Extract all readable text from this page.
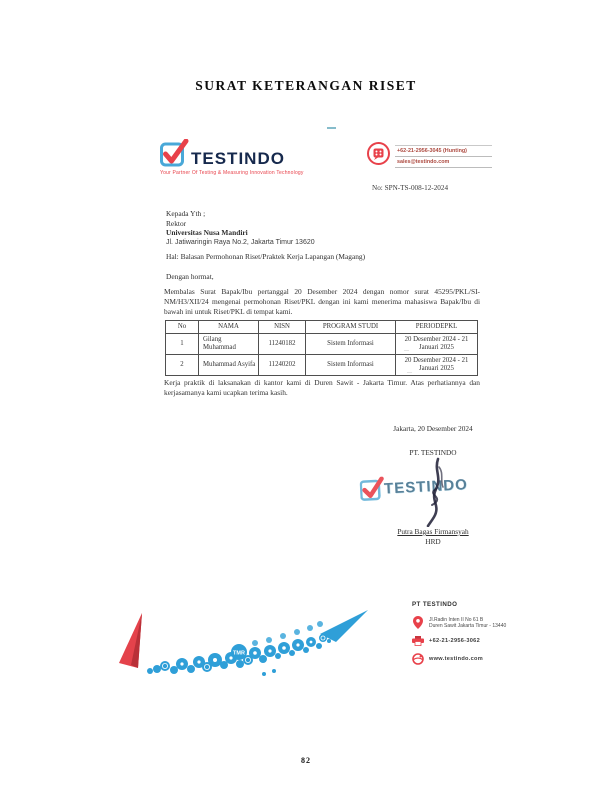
SURAT KETERANGAN RISET
TESTINDO
Your Partner Of Testing & Measuring Innovation Technology
+62-21-2956-3045 (Hunting)
sales@testindo.com
No: SPN-TS-008-12-2024
Kepada Yth ;
Rektor
Universitas Nusa Mandiri
Jl. Jatiwaringin Raya No.2, Jakarta Timur 13620
Hal: Balasan Permohonan Riset/Praktek Kerja Lapangan (Magang)
Dengan hormat,
Membalas Surat Bapak/Ibu pertanggal 20 Desember 2024 dengan nomor surat 45295/PKL/SI-NM/H3/XII/24 mengenai permohonan Riset/PKL dengan ini kami menerima mahasiswa Bapak/Ibu di bawah ini untuk Riset/PKL di tempat kami.
No	NAMA	NISN	PROGRAM STUDI	PERIODEPKL
1	Gilang Muhammad	11240182	Sistem Informasi	20 Desember 2024 - 21 Januari 2025
2	Muhammad Asyifa	11240202	Sistem Informasi	20 Desember 2024 - 21 Januari 2025
—
—
Kerja praktik di laksanakan di kantor kami di Duren Sawit - Jakarta Timur. Atas perhatiannya dan kerjasamanya kami ucapkan terima kasih.
Jakarta, 20 Desember 2024
PT. TESTINDO
TESTINDO
Putra Bagas Firmansyah
HRD
PT TESTINDO
Jl.Radin Inten II No 61 B
Duren Sawit Jakarta Timur - 13440
+62-21-2956-3062
www.testindo.com
TMR
82
